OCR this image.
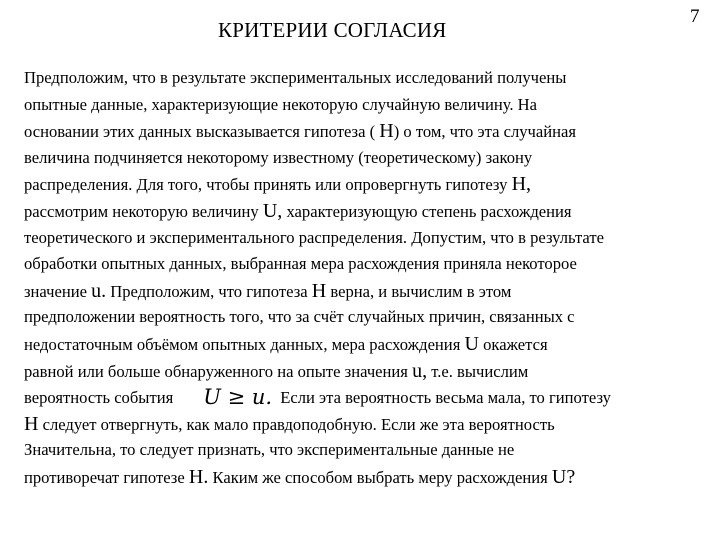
КРИТЕРИИ СОГЛАСИЯ
7
Предположим, что в результате экспериментальных исследований получены
опытные данные, характеризующие некоторую случайную величину. На
основании этих данных высказывается гипотеза ( Н) о том, что эта случайная
величина подчиняется некоторому известному (теоретическому) закону
распределения. Для того, чтобы принять или опровергнуть гипотезу Н,
рассмотрим некоторую величину U, характеризующую степень расхождения
теоретического и экспериментального распределения. Допустим, что в результате
обработки опытных данных, выбранная мера расхождения приняла некоторое
значение u. Предположим, что гипотеза Н верна, и вычислим в этом
предположении вероятность того, что за счёт случайных причин, связанных с
недостаточным объёмом опытных данных, мера расхождения U окажется
равной или больше обнаруженного на опыте значения u, т.е. вычислим
вероятность события U ≥ u. Если эта вероятность весьма мала, то гипотезу
Н следует отвергнуть, как мало правдоподобную. Если же эта вероятность
Значительна, то следует признать, что экспериментальные данные не
противоречат гипотезе Н. Каким же способом выбрать меру расхождения U?
